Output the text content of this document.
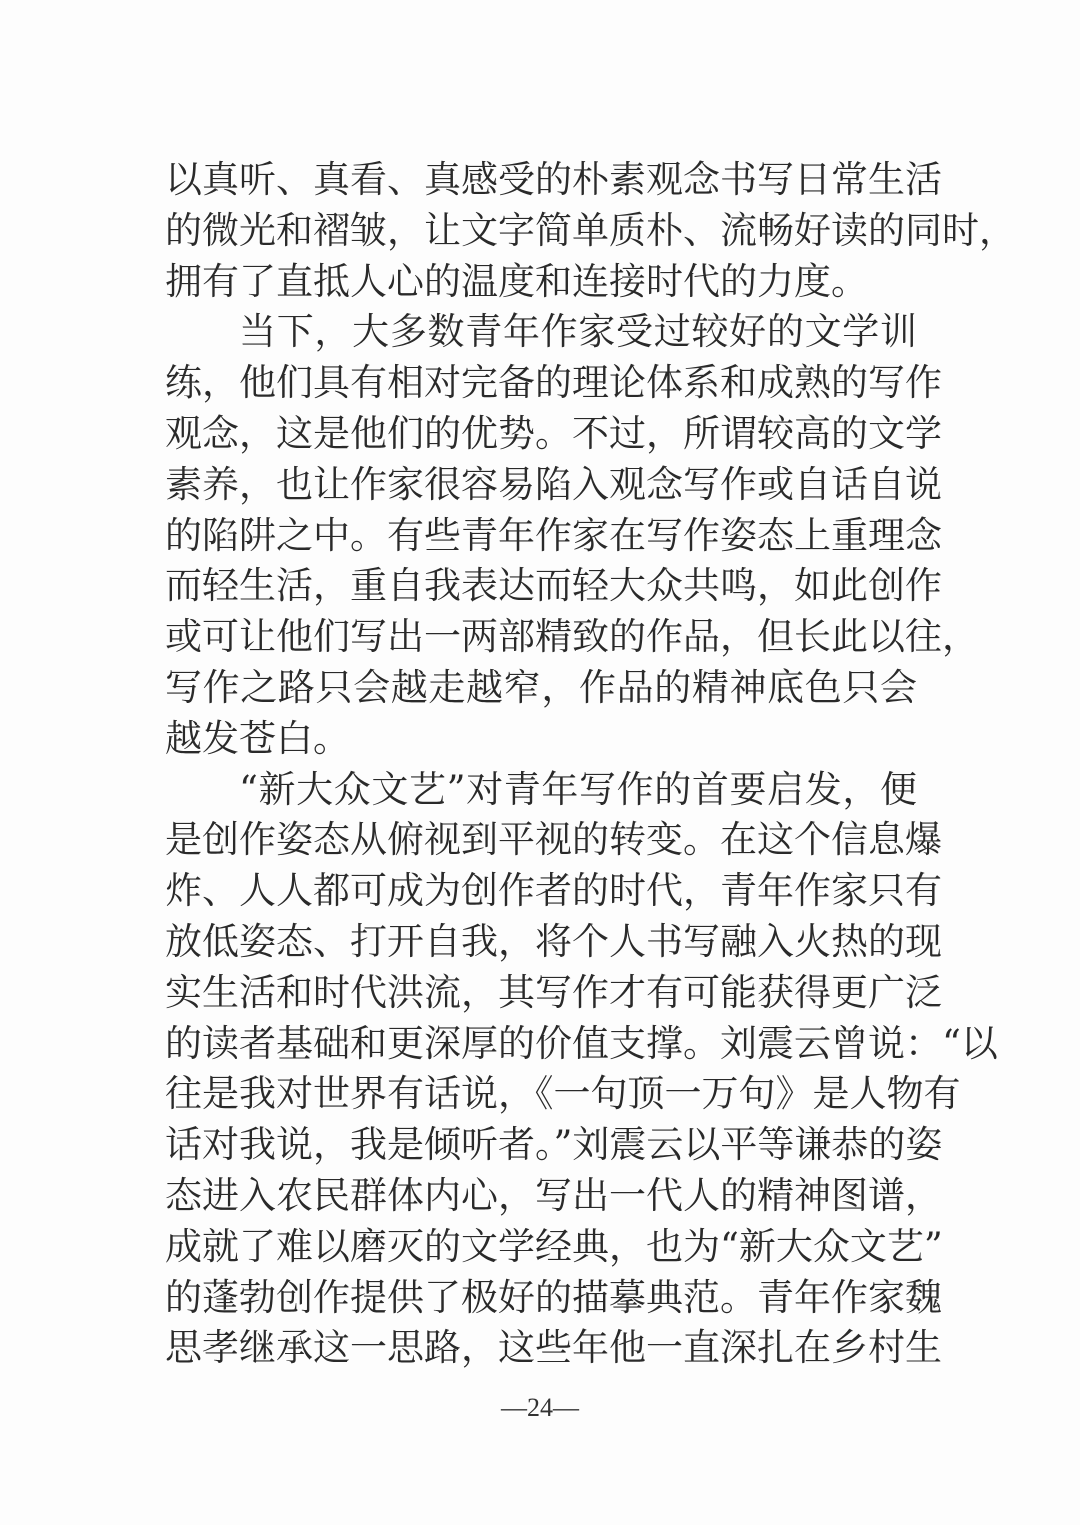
以真听、真看、真感受的朴素观念书写日常生活
的微光和褶皱，让文字简单质朴、流畅好读的同时，
拥有了直抵人心的温度和连接时代的力度。
当下，大多数青年作家受过较好的文学训
练，他们具有相对完备的理论体系和成熟的写作
观念，这是他们的优势。不过，所谓较高的文学
素养，也让作家很容易陷入观念写作或自话自说
的陷阱之中。有些青年作家在写作姿态上重理念
而轻生活，重自我表达而轻大众共鸣，如此创作
或可让他们写出一两部精致的作品，但长此以往，
写作之路只会越走越窄，作品的精神底色只会
越发苍白。
“新大众文艺”对青年写作的首要启发，便
是创作姿态从俯视到平视的转变。在这个信息爆
炸、人人都可成为创作者的时代，青年作家只有
放低姿态、打开自我，将个人书写融入火热的现
实生活和时代洪流，其写作才有可能获得更广泛
的读者基础和更深厚的价值支撑。刘震云曾说：“以
往是我对世界有话说，《一句顶一万句》是人物有
话对我说，我是倾听者。”刘震云以平等谦恭的姿
态进入农民群体内心，写出一代人的精神图谱，
成就了难以磨灭的文学经典，也为“新大众文艺”
的蓬勃创作提供了极好的描摹典范。青年作家魏
思孝继承这一思路，这些年他一直深扎在乡村生
—24—
